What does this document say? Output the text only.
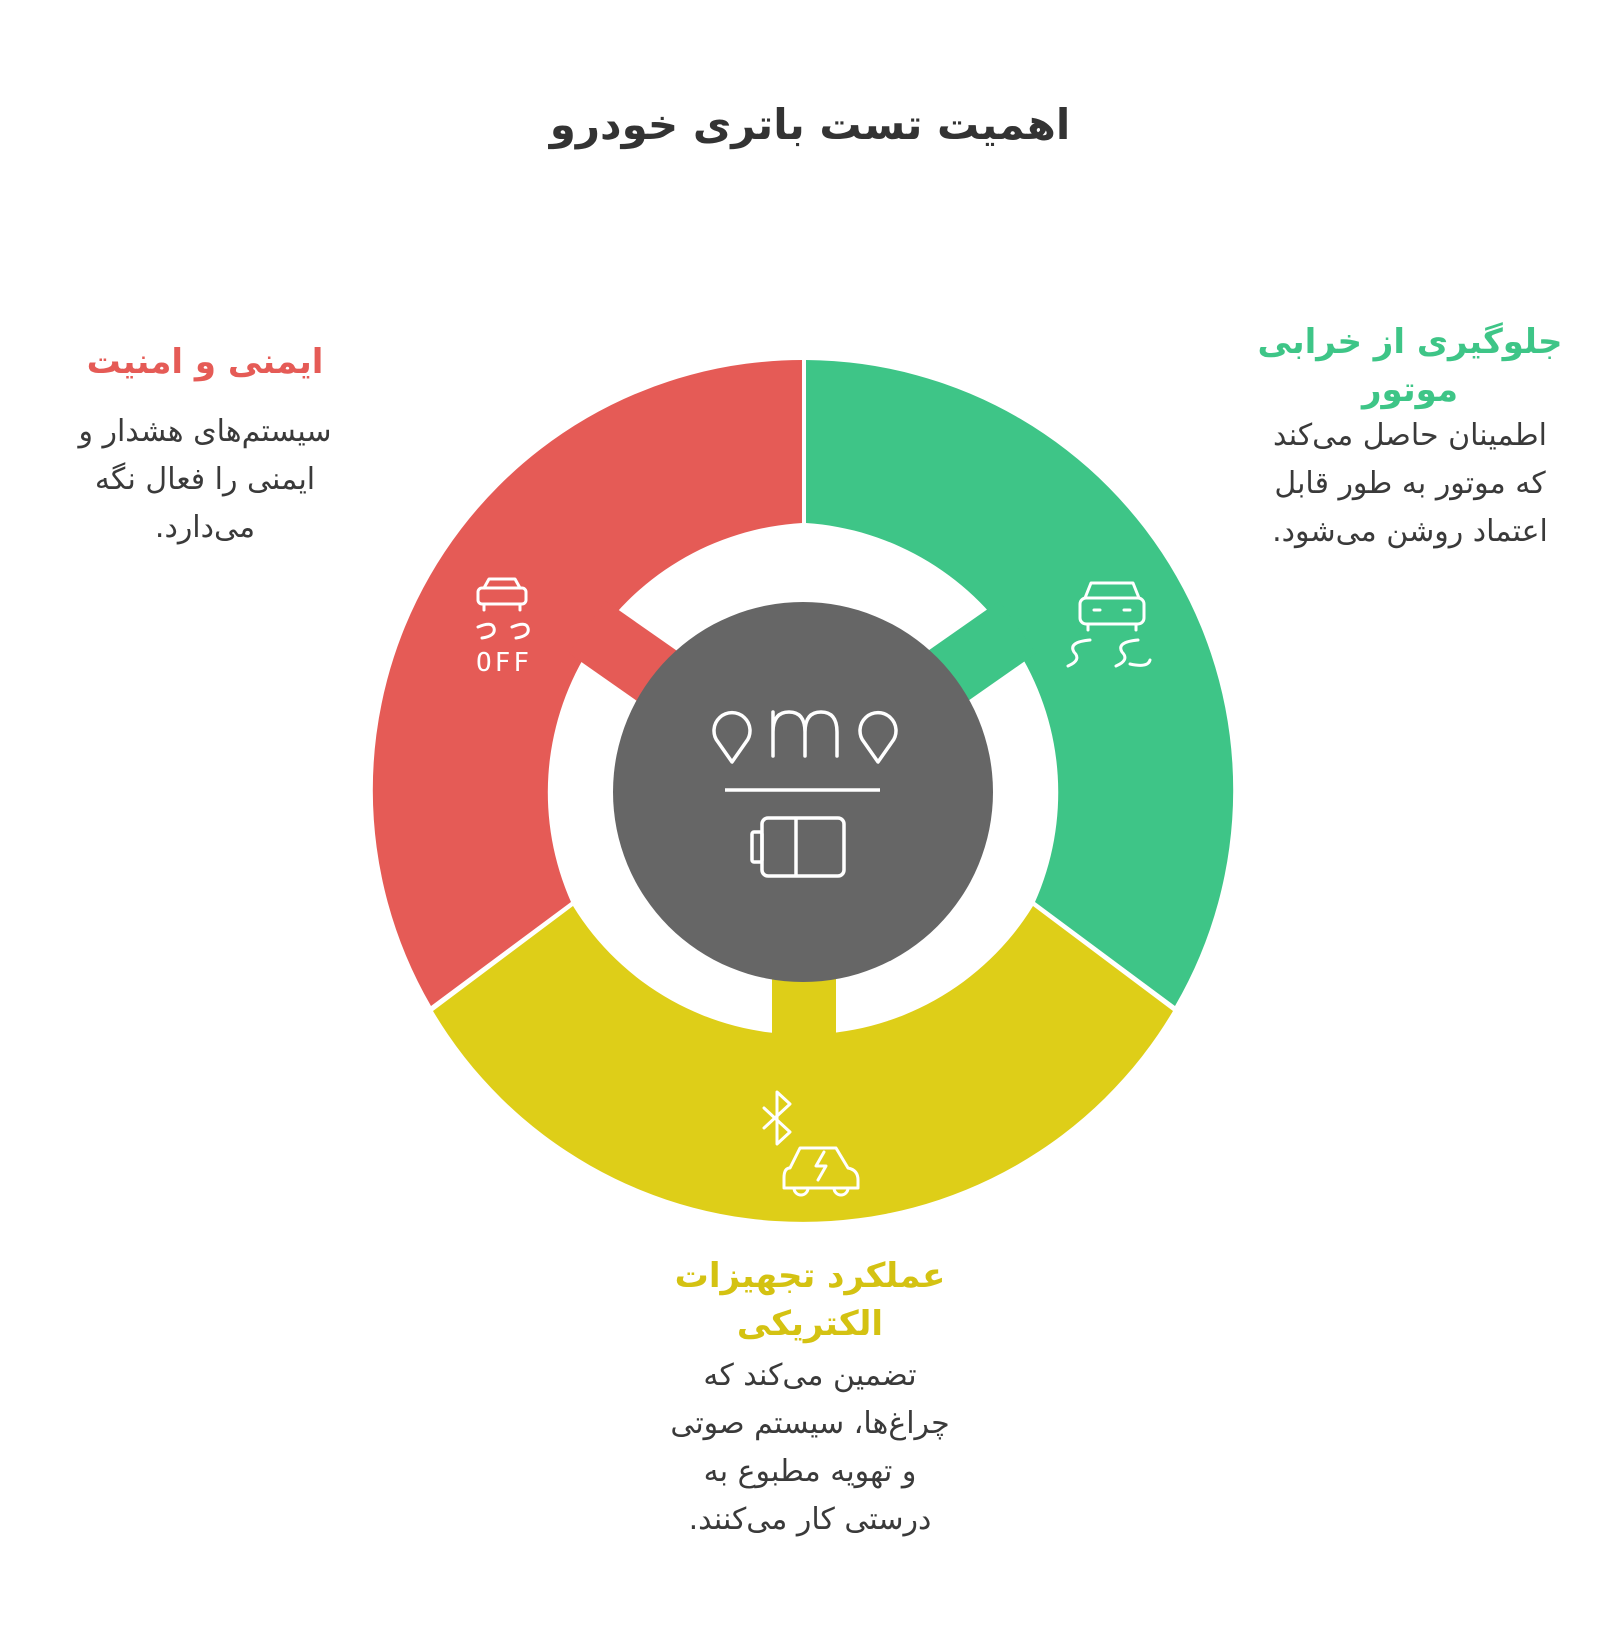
OFF
اهمیت تست باتری خودرو
ایمنی و امنیت
سیستم‌های هشدار و
ایمنی را فعال نگه
می‌دارد.
جلوگیری از خرابی
موتور
اطمینان حاصل می‌کند
که موتور به طور قابل
اعتماد روشن می‌شود.
عملکرد تجهیزات
الکتریکی
تضمین می‌کند که
چراغ‌ها، سیستم صوتی
و تهویه مطبوع به
درستی کار می‌کنند.
